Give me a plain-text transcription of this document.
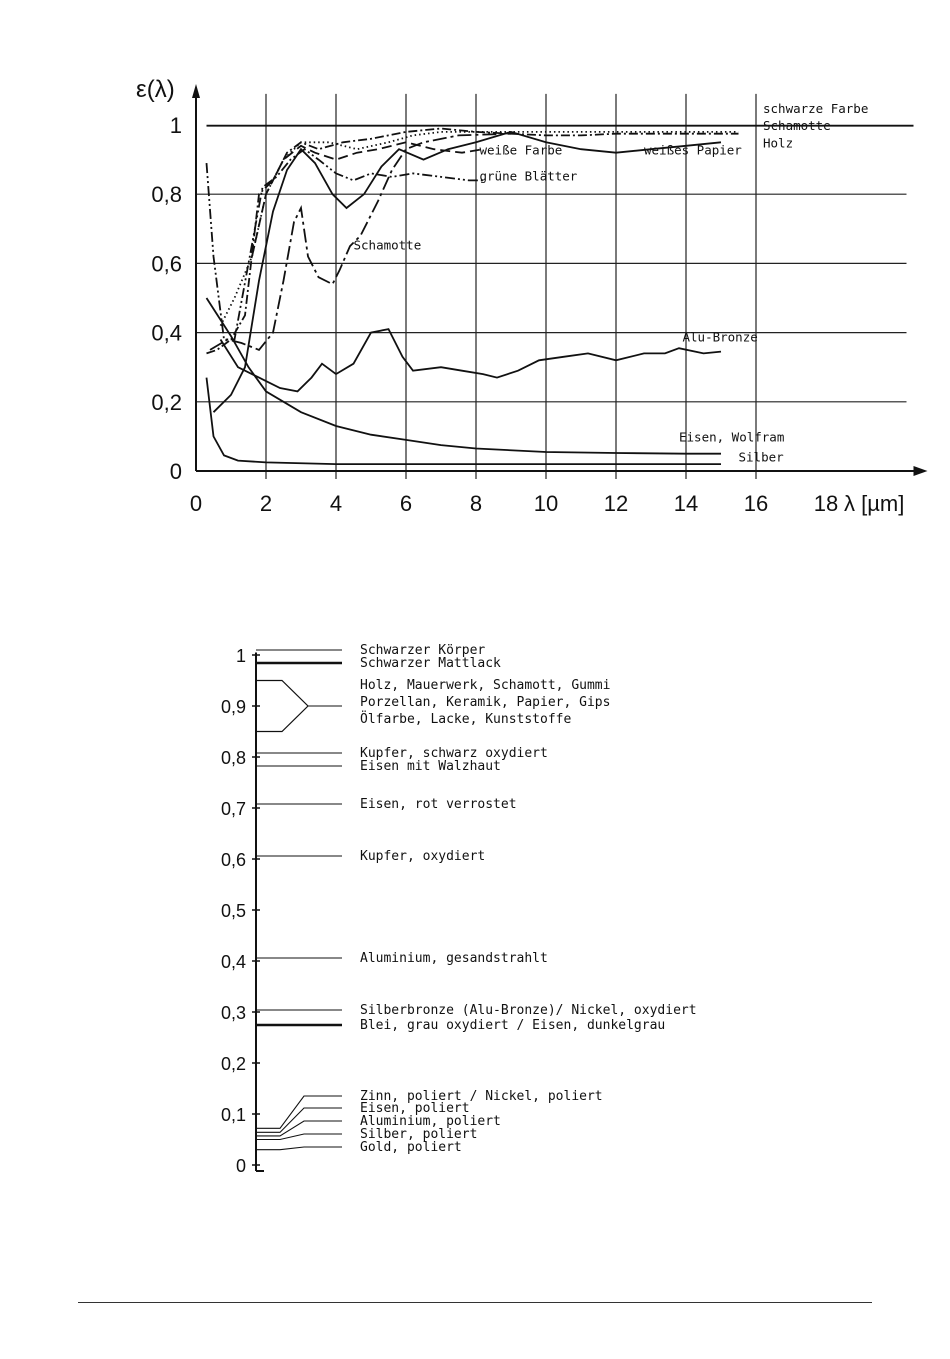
0	2	4	6	8 10 12 14 16 18 λ [µm]
0
0,2
0,4
0,6
0,8
1
schwarze Farbe
Schamotte
Holz
weiße Farbe	weißes Papier
grüne Blätter
Schamotte
Alu-Bronze
Eisen, Wolfram
Silber
ε(λ)
0
0,1
0,2
0,3
0,4
0,5
0,6
0,7
0,8
0,9
1	Schwarzer Körper
Schwarzer Mattlack
Holz, Mauerwerk, Schamott, Gummi
Porzellan, Keramik, Papier, Gips
Ölfarbe, Lacke, Kunststoffe
Kupfer, schwarz oxydiert
Eisen mit Walzhaut
Eisen, rot verrostet
Kupfer, oxydiert
Aluminium, gesandstrahlt
Silberbronze (Alu-Bronze)/ Nickel, oxydiert
Blei, grau oxydiert / Eisen, dunkelgrau
Zinn, poliert / Nickel, poliert
Eisen, poliert
Aluminium, poliert
Silber, poliert
Gold, poliert
